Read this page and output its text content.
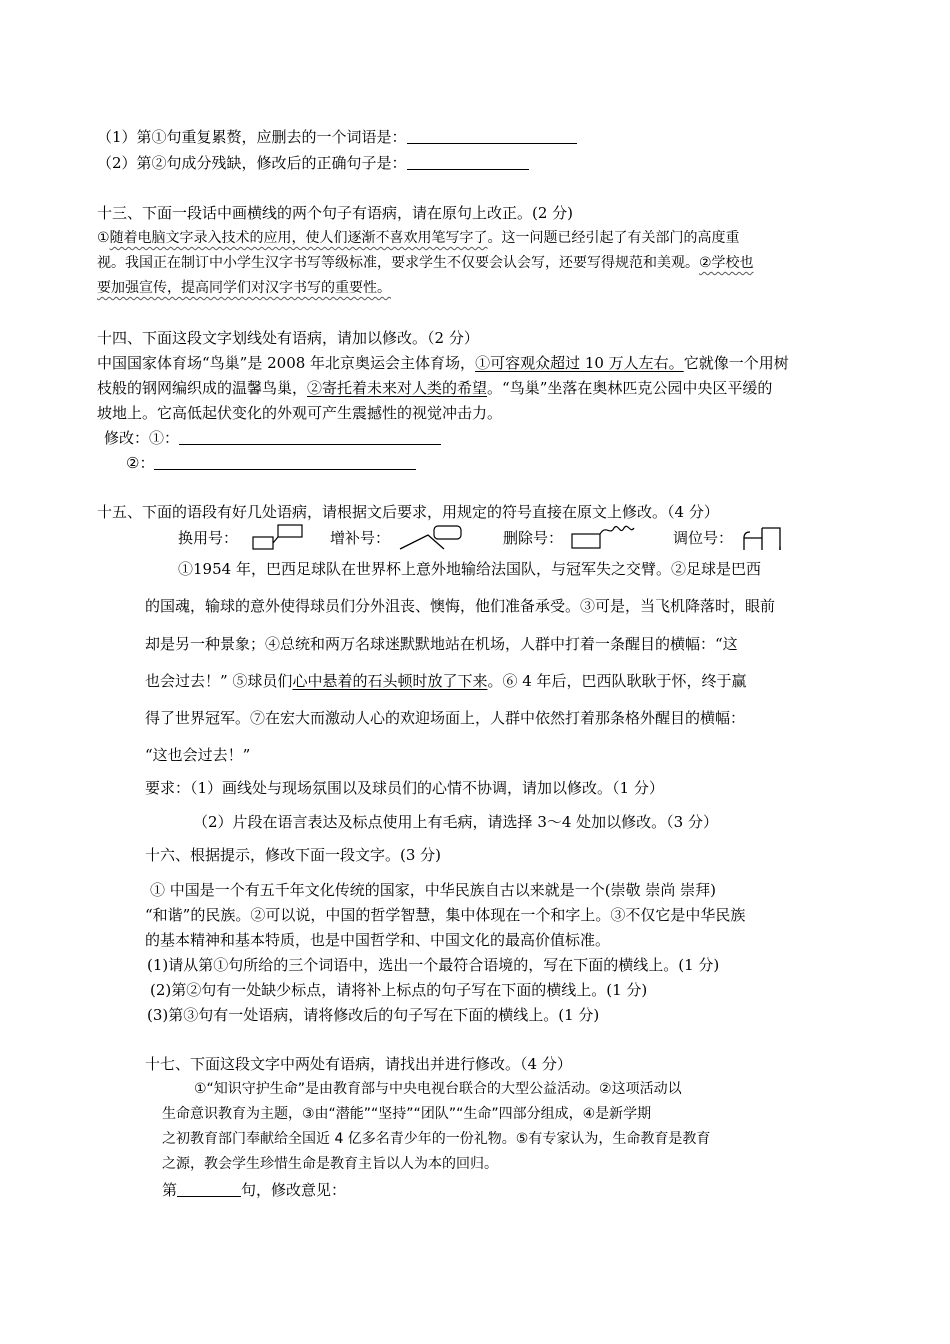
（1）第①句重复累赘，应删去的一个词语是：
（2）第②句成分残缺，修改后的正确句子是：
十三、下面一段话中画横线的两个句子有语病，请在原句上改正。(2 分)
①随着电脑文字录入技术的应用，使人们逐渐不喜欢用笔写字了。这一问题已经引起了有关部门的高度重
视。我国正在制订中小学生汉字书写等级标准，要求学生不仅要会认会写，还要写得规范和美观。②学校也
要加强宣传，提高同学们对汉字书写的重要性。
十四、下面这段文字划线处有语病，请加以修改。（2 分）
中国国家体育场“鸟巢”是 2008 年北京奥运会主体育场，①可容观众超过 10 万人左右。它就像一个用树
枝般的钢网编织成的温馨鸟巢，②寄托着未来对人类的希望。“鸟巢”坐落在奥林匹克公园中央区平缓的
坡地上。它高低起伏变化的外观可产生震撼性的视觉冲击力。
修改：①：
②：
十五、下面的语段有好几处语病，请根据文后要求，用规定的符号直接在原文上修改。（4 分）
换用号：	增补号：	删除号：	调位号：
①1954 年，巴西足球队在世界杯上意外地输给法国队，与冠军失之交臂。②足球是巴西
的国魂，输球的意外使得球员们分外沮丧、懊悔，他们准备承受。③可是，当飞机降落时，眼前
却是另一种景象；④总统和两万名球迷默默地站在机场，人群中打着一条醒目的横幅：“这
也会过去！” ⑤球员们心中悬着的石头顿时放了下来。⑥ 4 年后，巴西队耿耿于怀，终于赢
得了世界冠军。⑦在宏大而激动人心的欢迎场面上，人群中依然打着那条格外醒目的横幅：
“这也会过去！”
要求：（1）画线处与现场氛围以及球员们的心情不协调，请加以修改。（1 分）
（2）片段在语言表达及标点使用上有毛病，请选择 3～4 处加以修改。（3 分）
十六、根据提示，修改下面一段文字。(3 分)
① 中国是一个有五千年文化传统的国家，中华民族自古以来就是一个(崇敬 崇尚 崇拜)
“和谐”的民族。②可以说，中国的哲学智慧，集中体现在一个和字上。③不仅它是中华民族
的基本精神和基本特质，也是中国哲学和、中国文化的最高价值标准。
(1)请从第①句所给的三个词语中，选出一个最符合语境的，写在下面的横线上。(1 分)
(2)第②句有一处缺少标点，请将补上标点的句子写在下面的横线上。(1 分)
(3)第③句有一处语病，请将修改后的句子写在下面的横线上。(1 分)
十七、下面这段文字中两处有语病，请找出并进行修改。（4 分）
①“知识守护生命”是由教育部与中央电视台联合的大型公益活动。②这项活动以
生命意识教育为主题，③由“潜能”“坚持”“团队”“生命”四部分组成，④是新学期
之初教育部门奉献给全国近 4 亿多名青少年的一份礼物。⑤有专家认为，生命教育是教育
之源，教会学生珍惜生命是教育主旨以人为本的回归。
第	句，修改意见：
